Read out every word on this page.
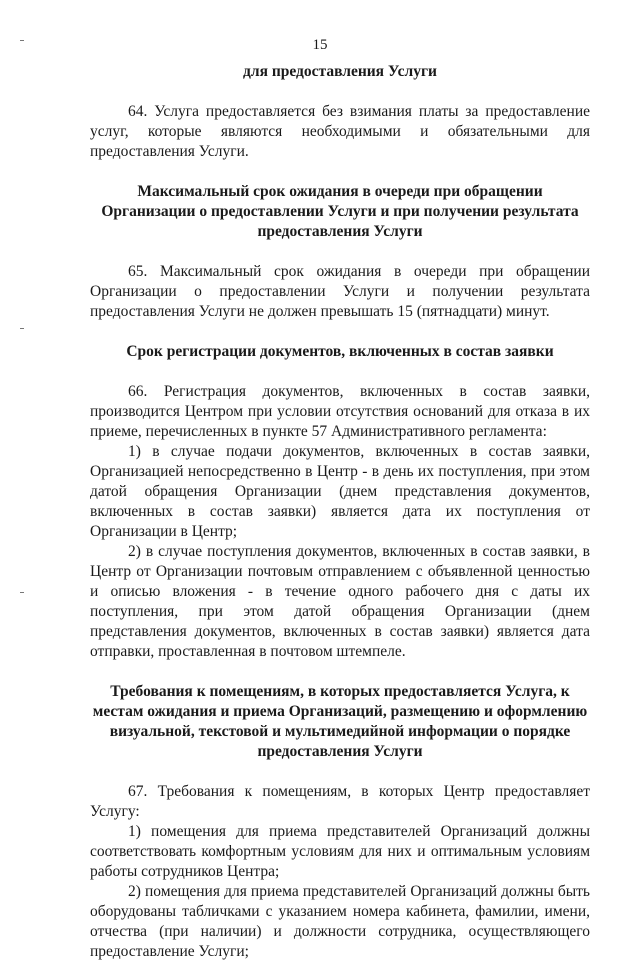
15
для предоставления Услуги

64. Услуга предоставляется без взимания платы за предоставление услуг, которые являются необходимыми и обязательными для предоставления Услуги.

Максимальный срок ожидания в очереди при обращении Организации о предоставлении Услуги и при получении результата предоставления Услуги

65. Максимальный срок ожидания в очереди при обращении Организации о предоставлении Услуги и получении результата предоставления Услуги не должен превышать 15 (пятнадцати) минут.

Срок регистрации документов, включенных в состав заявки

66. Регистрация документов, включенных в состав заявки, производится Центром при условии отсутствия оснований для отказа в их приеме, перечисленных в пункте 57 Административного регламента:

1) в случае подачи документов, включенных в состав заявки, Организацией непосредственно в Центр - в день их поступления, при этом датой обращения Организации (днем представления документов, включенных в состав заявки) является дата их поступления от Организации в Центр;

2) в случае поступления документов, включенных в состав заявки, в Центр от Организации почтовым отправлением с объявленной ценностью и описью вложения - в течение одного рабочего дня с даты их поступления, при этом датой обращения Организации (днем представления документов, включенных в состав заявки) является дата отправки, проставленная в почтовом штемпеле.

Требования к помещениям, в которых предоставляется Услуга, к местам ожидания и приема Организаций, размещению и оформлению визуальной, текстовой и мультимедийной информации о порядке предоставления Услуги

67. Требования к помещениям, в которых Центр предоставляет Услугу:

1) помещения для приема представителей Организаций должны соответствовать комфортным условиям для них и оптимальным условиям работы сотрудников Центра;

2) помещения для приема представителей Организаций должны быть оборудованы табличками с указанием номера кабинета, фамилии, имени, отчества (при наличии) и должности сотрудника, осуществляющего предоставление Услуги;
